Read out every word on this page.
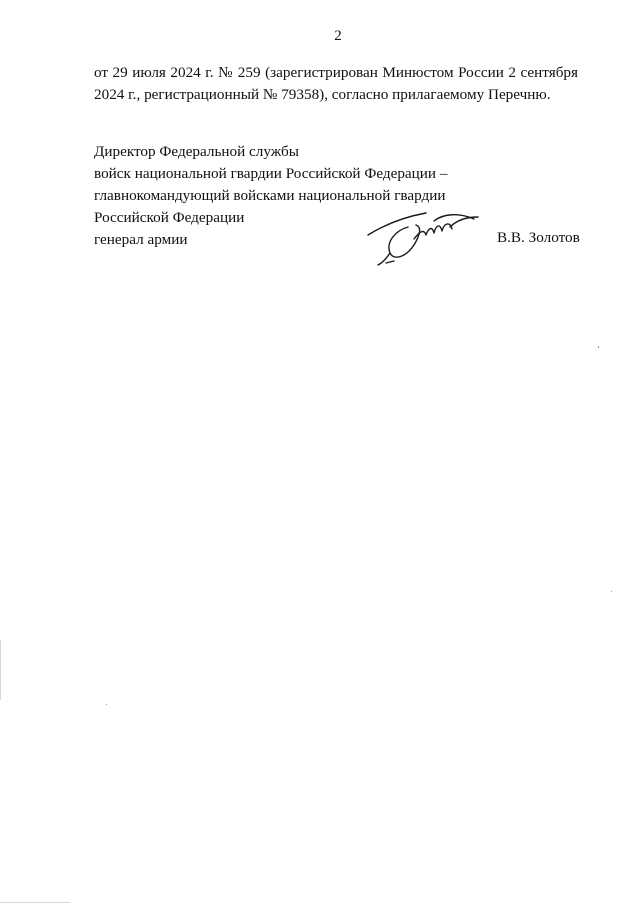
2
от 29 июля 2024 г. № 259 (зарегистрирован Минюстом России 2 сентября
2024 г., регистрационный № 79358), согласно прилагаемому Перечню.
Директор Федеральной службы
войск национальной гвардии Российской Федерации –
главнокомандующий войсками национальной гвардии
Российской Федерации
генерал армии	В.В. Золотов
